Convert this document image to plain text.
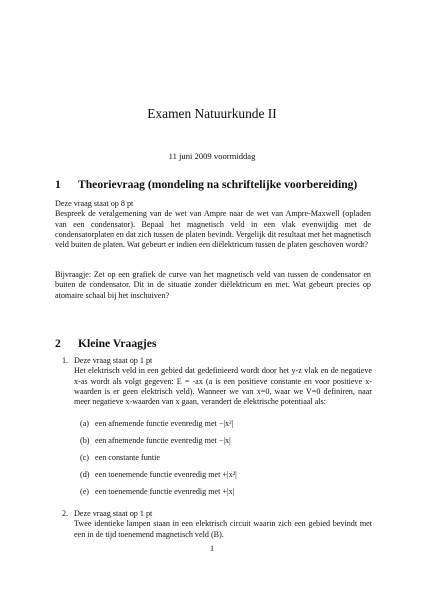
Examen Natuurkunde II
11 juni 2009 voormiddag
1 Theorievraag (mondeling na schriftelijke voorbereiding)

Deze vraag staat op 8 pt

Bespreek de veralgemening van de wet van Ampre naar de wet van Ampre-Maxwell (opladen van een condensator). Bepaal het magnetisch veld in een vlak evenwijdig met de condensatorplaten en dat zich tussen de platen bevindt. Vergelijk dit resultaat met het magnetisch veld buiten de platen. Wat gebeurt er indien een diëlektricum tussen de platen geschoven wordt?

Bijvraagje: Zet op een grafiek de curve van het magnetisch veld van tussen de condensator en buiten de condensator. Dit in de situatie zonder diëlektricum en met. Wat gebeurt precies op atomaire schaal bij het inschuiven?

2 Kleine Vraagjes
1. Deze vraag staat op 1 pt
Het elektrisch veld in een gebied dat gedefinieerd wordt door het y-z vlak en de negatieve x-as wordt als volgt gegeven: E = -ax (a is een positieve constante en voor positieve x-waarden is er geen elektrisch veld). Wanneer we van x=0, waar we V=0 definiren, naar meer negatieve x-waarden van x gaan, verandert de elektrische potentiaal als:
(a) een afnemende functie evenredig met −|x²|
(b) een afnemende functie evenredig met −|x|
(c) een constante funtie
(d) een toenemende functie evenredig met +|x²|
(e) een toenemende functie evenredig met +|x|
2. Deze vraag staat op 1 pt
Twee identieke lampen staan in een elektrisch circuit waarin zich een gebied bevindt met een in de tijd toenemend magnetisch veld (B).
1
